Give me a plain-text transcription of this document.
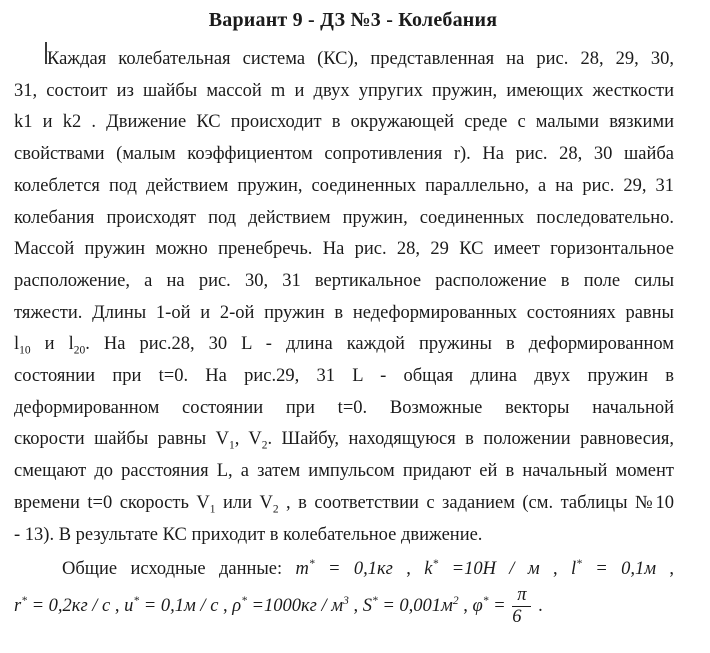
Вариант 9 - ДЗ №3 - Колебания
Каждая колебательная система (КС), представленная на рис. 28, 29, 30,
31, состоит из шайбы массой m и двух упругих пружин, имеющих жесткости
k1 и k2 . Движение КС происходит в окружающей среде с малыми вязкими
свойствами (малым коэффициентом сопротивления r). На рис. 28, 30 шайба
колеблется под действием пружин, соединенных параллельно, а на рис. 29, 31
колебания происходят под действием пружин, соединенных последовательно.
Массой пружин можно пренебречь. На рис. 28, 29 КС имеет горизонтальное
расположение, а на рис. 30, 31 вертикальное расположение в поле силы
тяжести. Длины 1-ой и 2-ой пружин в недеформированных состояниях равны
$l_{10}$ и $l_{20}$. На рис.28, 30 L - длина каждой пружины в деформированном
состоянии при t=0. На рис.29, 31 L - общая длина двух пружин в
деформированном состоянии при t=0. Возможные векторы начальной
скорости шайбы равны $V_1$, $V_2$. Шайбу, находящуюся в положении равновесия,
смещают до расстояния L, а затем импульсом придают ей в начальный момент
времени t=0 скорость $V_1$ или $V_2$ , в соответствии с заданием (см. таблицы №10
- 13). В результате КС приходит в колебательное движение.
Общие исходные данные: m* = 0,1кг , k* =10Н / м , l* = 0,1м ,
r* = 0,2кг / с , u* = 0,1м / с , $\rho^* =1000кг / м^3$ , $S^* = 0,001м^2$ , $\varphi^* = \frac{\pi}{6}$ .
